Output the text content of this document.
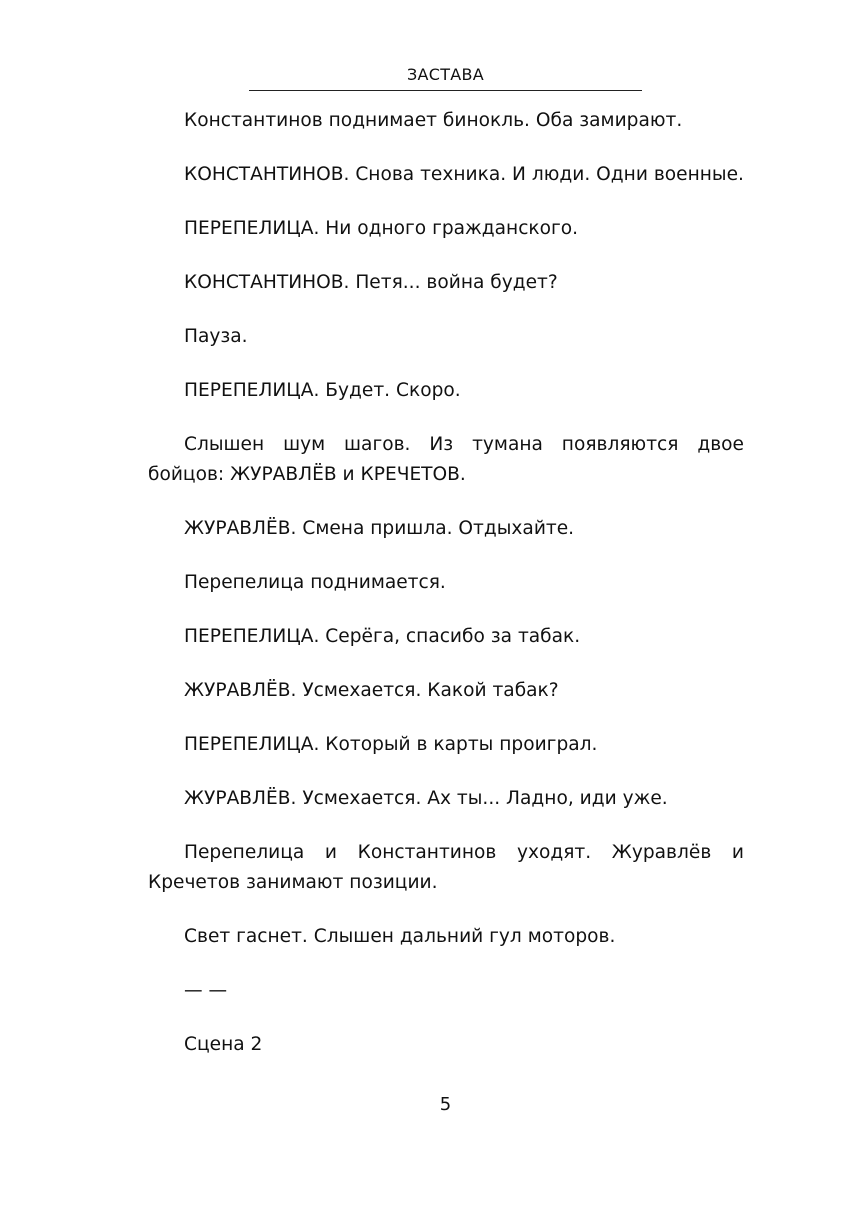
ЗАСТАВА

Константинов поднимает бинокль. Оба замирают.

КОНСТАНТИНОВ. Снова техника. И люди. Одни военные.

ПЕРЕПЕЛИЦА. Ни одного гражданского.

КОНСТАНТИНОВ. Петя... война будет?

Пауза.

ПЕРЕПЕЛИЦА. Будет. Скоро.

Слышен шум шагов. Из тумана появляются двое бойцов: ЖУРАВЛЁВ и КРЕЧЕТОВ.

ЖУРАВЛЁВ. Смена пришла. Отдыхайте.

Перепелица поднимается.

ПЕРЕПЕЛИЦА. Серёга, спасибо за табак.

ЖУРАВЛЁВ. Усмехается. Какой табак?

ПЕРЕПЕЛИЦА. Который в карты проиграл.

ЖУРАВЛЁВ. Усмехается. Ах ты... Ладно, иди уже.

Перепелица и Константинов уходят. Журавлёв и Кречетов занимают позиции.

Свет гаснет. Слышен дальний гул моторов.

— —

Сцена 2

5
